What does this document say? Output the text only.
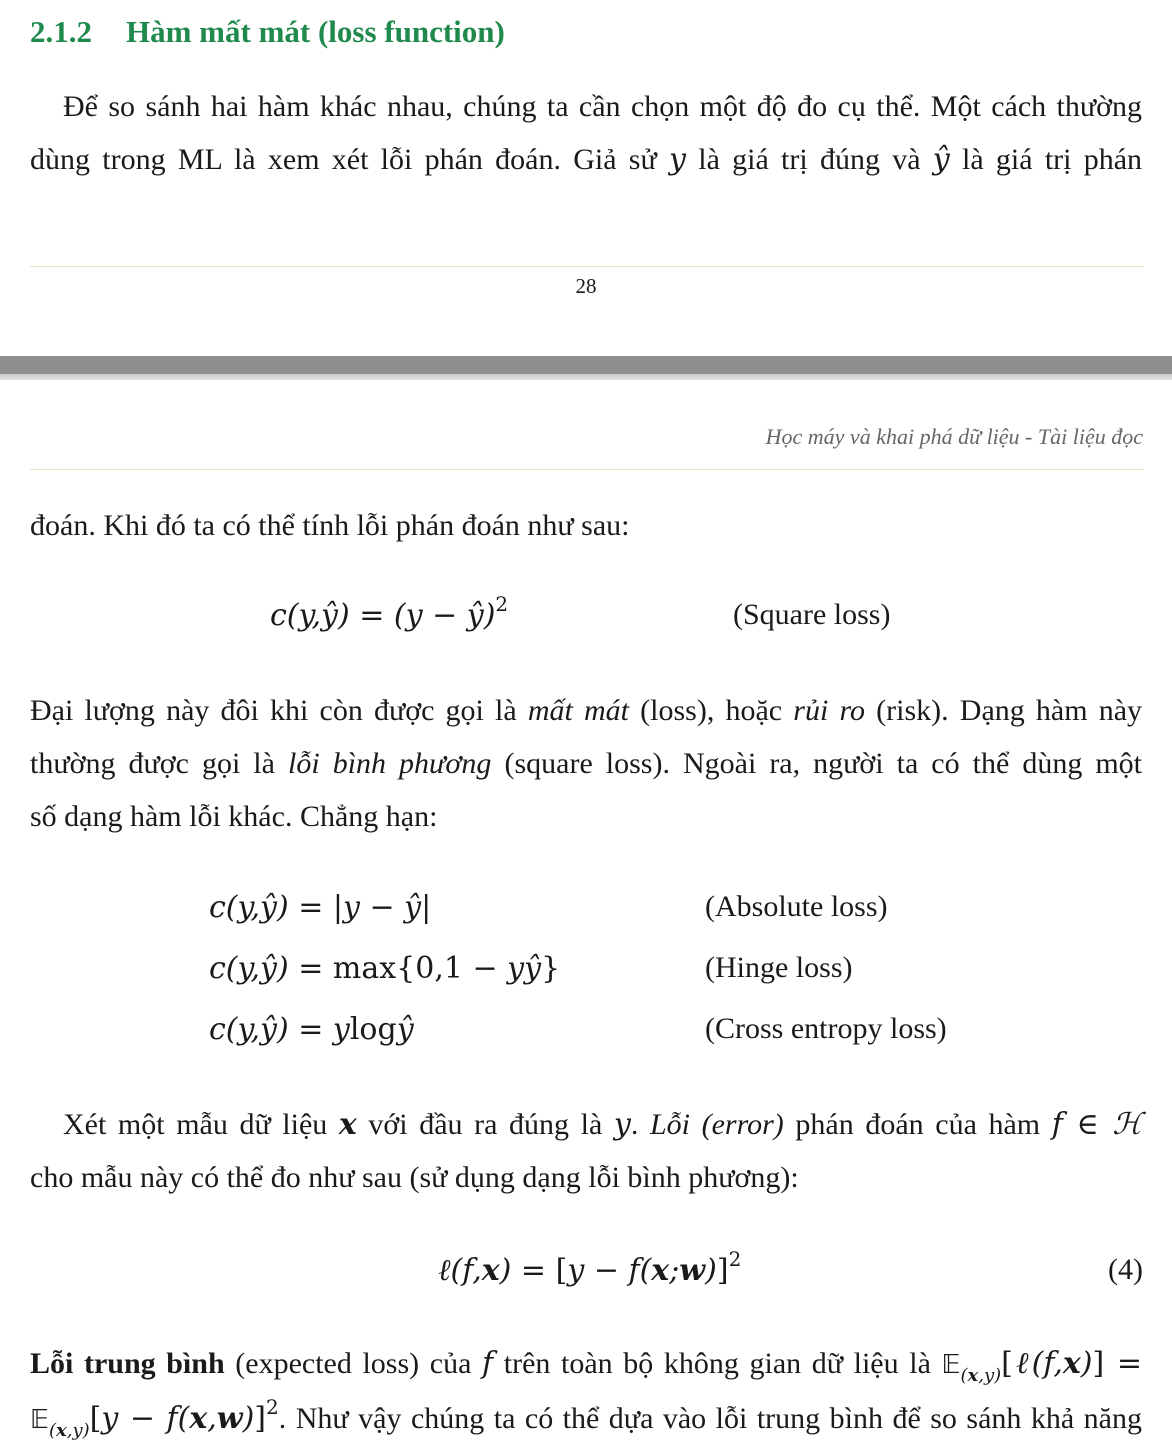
2.1.2 Hàm mất mát (loss function)
Để so sánh hai hàm khác nhau, chúng ta cần chọn một độ đo cụ thể. Một cách thường
dùng trong ML là xem xét lỗi phán đoán. Giả sử y là giá trị đúng và ŷ là giá trị phán
28
Học máy và khai phá dữ liệu - Tài liệu đọc
đoán. Khi đó ta có thể tính lỗi phán đoán như sau:
c(y,ŷ) = (y − ŷ)$^2$	(Square loss)
Đại lượng này đôi khi còn được gọi là mất mát (loss), hoặc rủi ro (risk). Dạng hàm này
thường được gọi là lỗi bình phương (square loss). Ngoài ra, người ta có thể dùng một
số dạng hàm lỗi khác. Chẳng hạn:
c(y,ŷ) = |y − ŷ|	(Absolute loss)
c(y,ŷ) = max{0,1 − yŷ}	(Hinge loss)
c(y,ŷ) = ylogŷ	(Cross entropy loss)
Xét một mẫu dữ liệu x với đầu ra đúng là y. Lỗi (error) phán đoán của hàm f ∈ ℋ
cho mẫu này có thể đo như sau (sử dụng dạng lỗi bình phương):
ℓ(f,x) = [y − f(x;w)]$^2$	(4)
Lỗi trung bình (expected loss) của f trên toàn bộ không gian dữ liệu là 𝔼$_{(x,y)}$[ℓ(f,x)] =
𝔼$_{(x,y)}$[y − f(x,w)]$^2$. Như vậy chúng ta có thể dựa vào lỗi trung bình để so sánh khả năng
